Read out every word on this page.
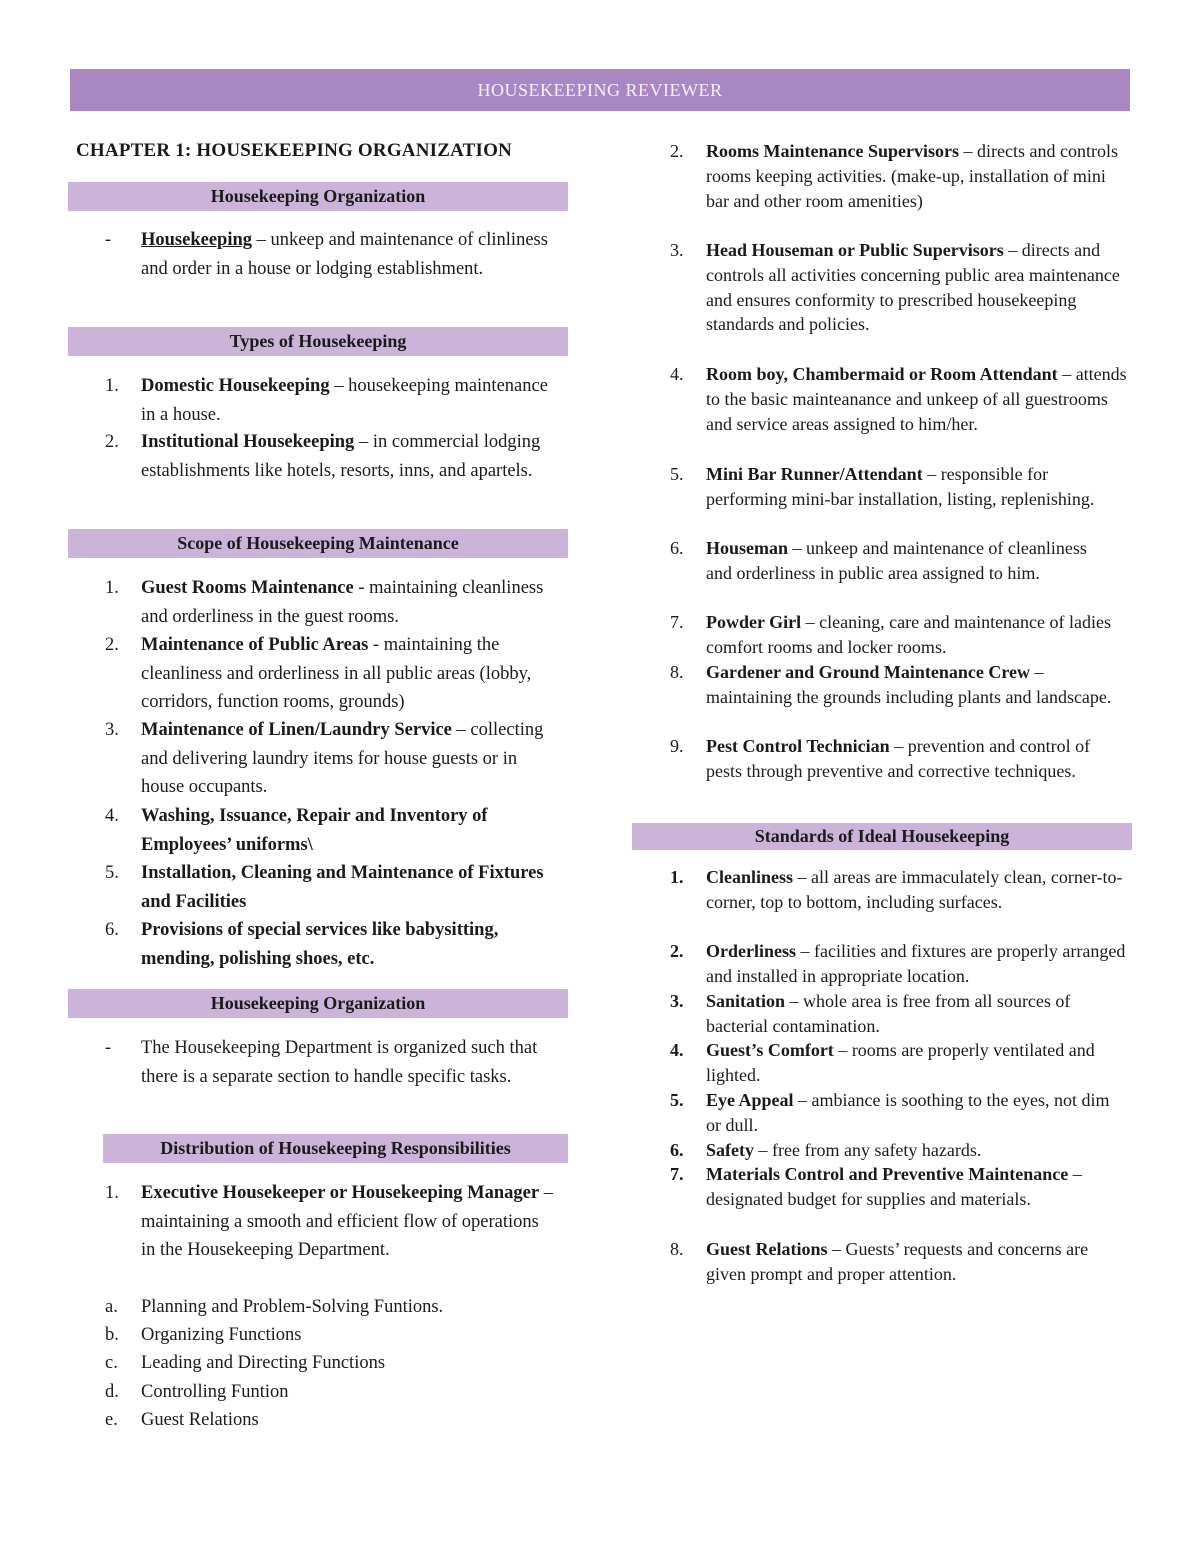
HOUSEKEEPING REVIEWER
CHAPTER 1: HOUSEKEEPING ORGANIZATION
Housekeeping Organization
- Housekeeping – unkeep and maintenance of clinliness and order in a house or lodging establishment.
Types of Housekeeping
1. Domestic Housekeeping – housekeeping maintenance in a house.
2. Institutional Housekeeping – in commercial lodging establishments like hotels, resorts, inns, and apartels.
Scope of Housekeeping Maintenance
1. Guest Rooms Maintenance - maintaining cleanliness and orderliness in the guest rooms.
2. Maintenance of Public Areas - maintaining the cleanliness and orderliness in all public areas (lobby, corridors, function rooms, grounds)
3. Maintenance of Linen/Laundry Service – collecting and delivering laundry items for house guests or in house occupants.
4. Washing, Issuance, Repair and Inventory of Employees’ uniforms\
5. Installation, Cleaning and Maintenance of Fixtures and Facilities
6. Provisions of special services like babysitting, mending, polishing shoes, etc.
Housekeeping Organization
- The Housekeeping Department is organized such that there is a separate section to handle specific tasks.
Distribution of Housekeeping Responsibilities
1. Executive Housekeeper or Housekeeping Manager – maintaining a smooth and efficient flow of operations in the Housekeeping Department.
a. Planning and Problem-Solving Funtions.
b. Organizing Functions
c. Leading and Directing Functions
d. Controlling Funtion
e. Guest Relations
2. Rooms Maintenance Supervisors – directs and controls rooms keeping activities. (make-up, installation of mini bar and other room amenities)
3. Head Houseman or Public Supervisors – directs and controls all activities concerning public area maintenance and ensures conformity to prescribed housekeeping standards and policies.
4. Room boy, Chambermaid or Room Attendant – attends to the basic mainteanance and unkeep of all guestrooms and service areas assigned to him/her.
5. Mini Bar Runner/Attendant – responsible for performing mini-bar installation, listing, replenishing.
6. Houseman – unkeep and maintenance of cleanliness and orderliness in public area assigned to him.
7. Powder Girl – cleaning, care and maintenance of ladies comfort rooms and locker rooms.
8. Gardener and Ground Maintenance Crew – maintaining the grounds including plants and landscape.
9. Pest Control Technician – prevention and control of pests through preventive and corrective techniques.
Standards of Ideal Housekeeping
1. Cleanliness – all areas are immaculately clean, corner-to-corner, top to bottom, including surfaces.
2. Orderliness – facilities and fixtures are properly arranged and installed in appropriate location.
3. Sanitation – whole area is free from all sources of bacterial contamination.
4. Guest’s Comfort – rooms are properly ventilated and lighted.
5. Eye Appeal – ambiance is soothing to the eyes, not dim or dull.
6. Safety – free from any safety hazards.
7. Materials Control and Preventive Maintenance – designated budget for supplies and materials.
8. Guest Relations – Guests’ requests and concerns are given prompt and proper attention.
